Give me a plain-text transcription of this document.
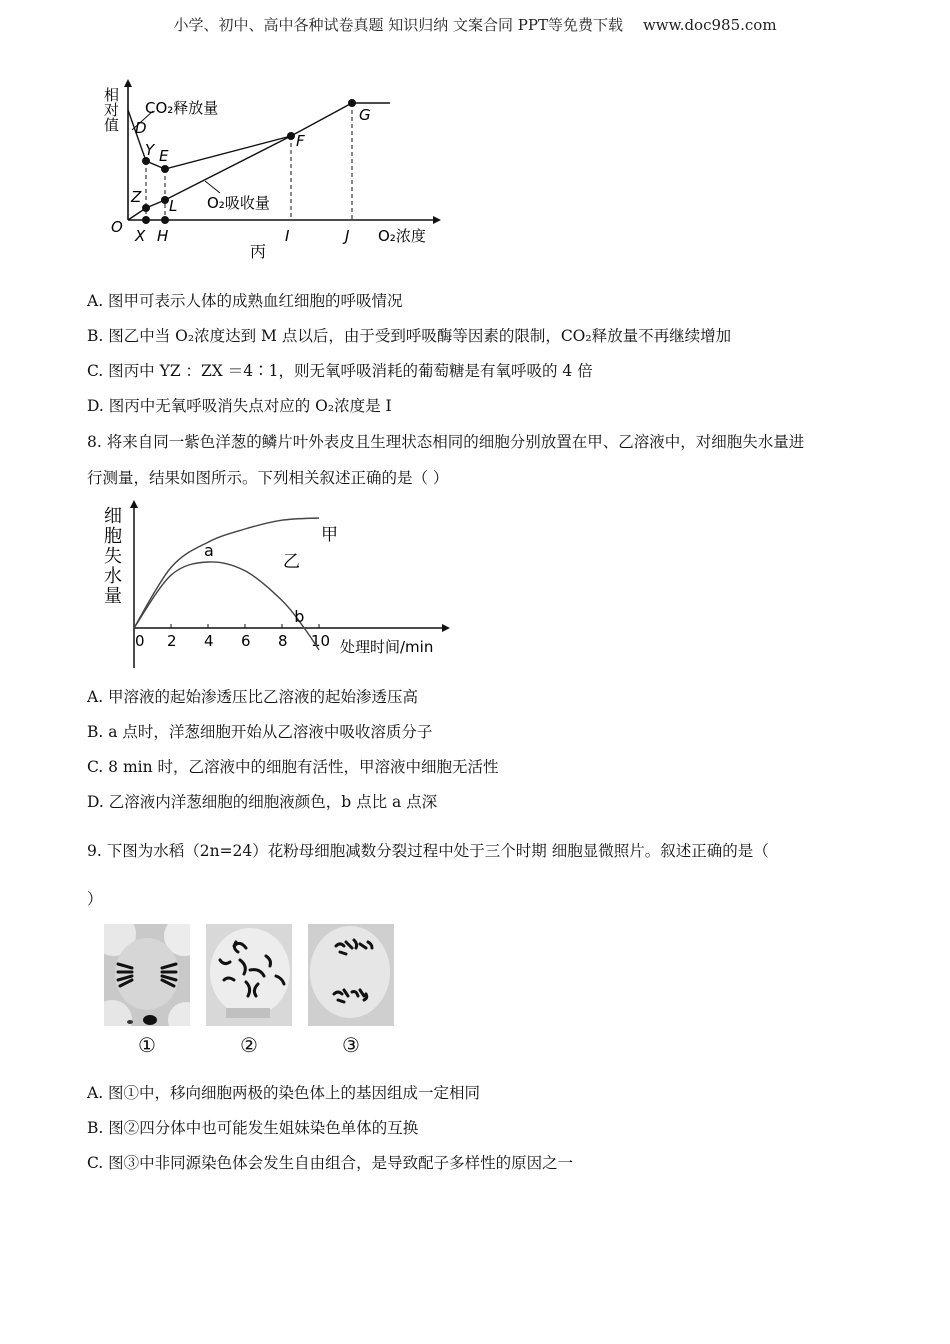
小学、初中、高中各种试卷真题 知识归纳 文案合同 PPT等免费下载 www.doc985.com
相对值 CO₂释放量
O₂吸收量
D
Y E
F
G
Z L
O X H	I	J O₂浓度
丙
A. 图甲可表示人体的成熟血红细胞的呼吸情况
B. 图乙中当 O₂浓度达到 M 点以后，由于受到呼吸酶等因素的限制，CO₂释放量不再继续增加
C. 图丙中 YZ ：ZX ＝4∶1，则无氧呼吸消耗的葡萄糖是有氧呼吸的 4 倍
D. 图丙中无氧呼吸消失点对应的 O₂浓度是 I
8. 将来自同一紫色洋葱的鳞片叶外表皮且生理状态相同的细胞分别放置在甲、乙溶液中，对细胞失水量进
行测量，结果如图所示。下列相关叙述正确的是（ ）
细
胞
失
水
量
0 2 4 6 8 10
甲
乙
a
b
处理时间/min
A. 甲溶液的起始渗透压比乙溶液的起始渗透压高
B. a 点时，洋葱细胞开始从乙溶液中吸收溶质分子
C. 8 min 时，乙溶液中的细胞有活性，甲溶液中细胞无活性
D. 乙溶液内洋葱细胞的细胞液颜色，b 点比 a 点深
9. 下图为水稻（2n=24）花粉母细胞减数分裂过程中处于三个时期 细胞显微照片。叙述正确的是（
）
①	②	③
A. 图①中，移向细胞两极的染色体上的基因组成一定相同
B. 图②四分体中也可能发生姐妹染色单体的互换
C. 图③中非同源染色体会发生自由组合，是导致配子多样性的原因之一
